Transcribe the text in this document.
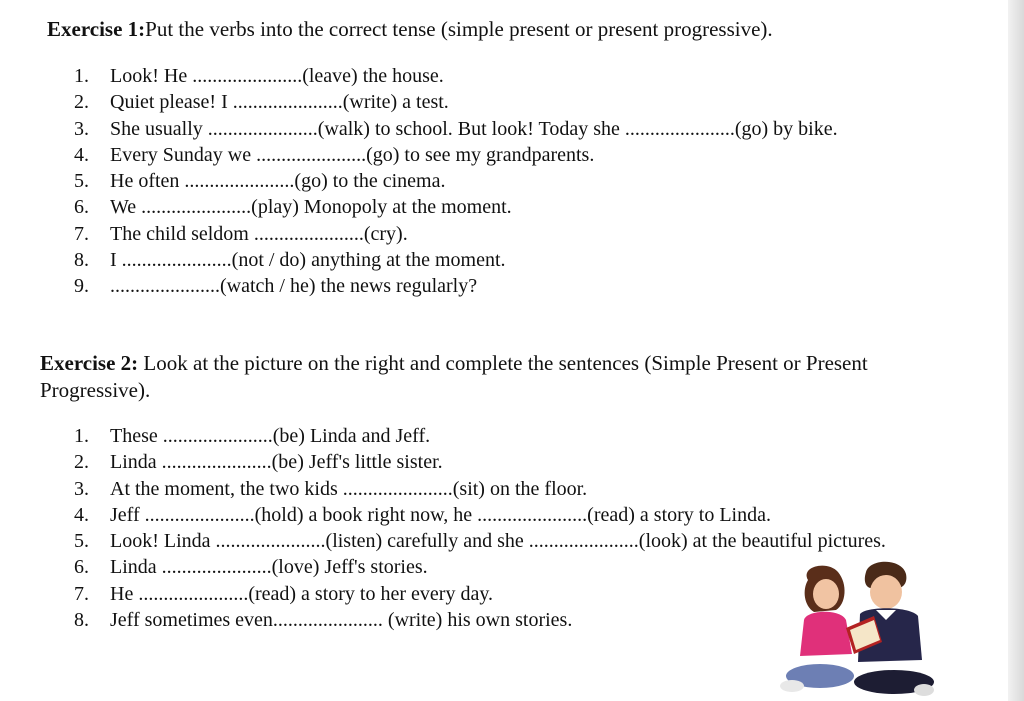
Exercise 1:Put the verbs into the correct tense (simple present or present progressive).
1. Look! He ......................(leave) the house.
2. Quiet please! I ......................(write) a test.
3. She usually ......................(walk) to school. But look! Today she ......................(go) by bike.
4. Every Sunday we ......................(go) to see my grandparents.
5. He often ......................(go) to the cinema.
6. We ......................(play) Monopoly at the moment.
7. The child seldom ......................(cry).
8. I ......................(not / do) anything at the moment.
9. ......................(watch / he) the news regularly?
Exercise 2: Look at the picture on the right and complete the sentences (Simple Present or Present Progressive).
1. These ......................(be) Linda and Jeff.
2. Linda ......................(be) Jeff's little sister.
3. At the moment, the two kids ......................(sit) on the floor.
4. Jeff ......................(hold) a book right now, he ......................(read) a story to Linda.
5. Look! Linda ......................(listen) carefully and she ......................(look) at the beautiful pictures.
6. Linda ......................(love) Jeff's stories.
7. He ......................(read) a story to her every day.
8. Jeff sometimes even...................... (write) his own stories.
